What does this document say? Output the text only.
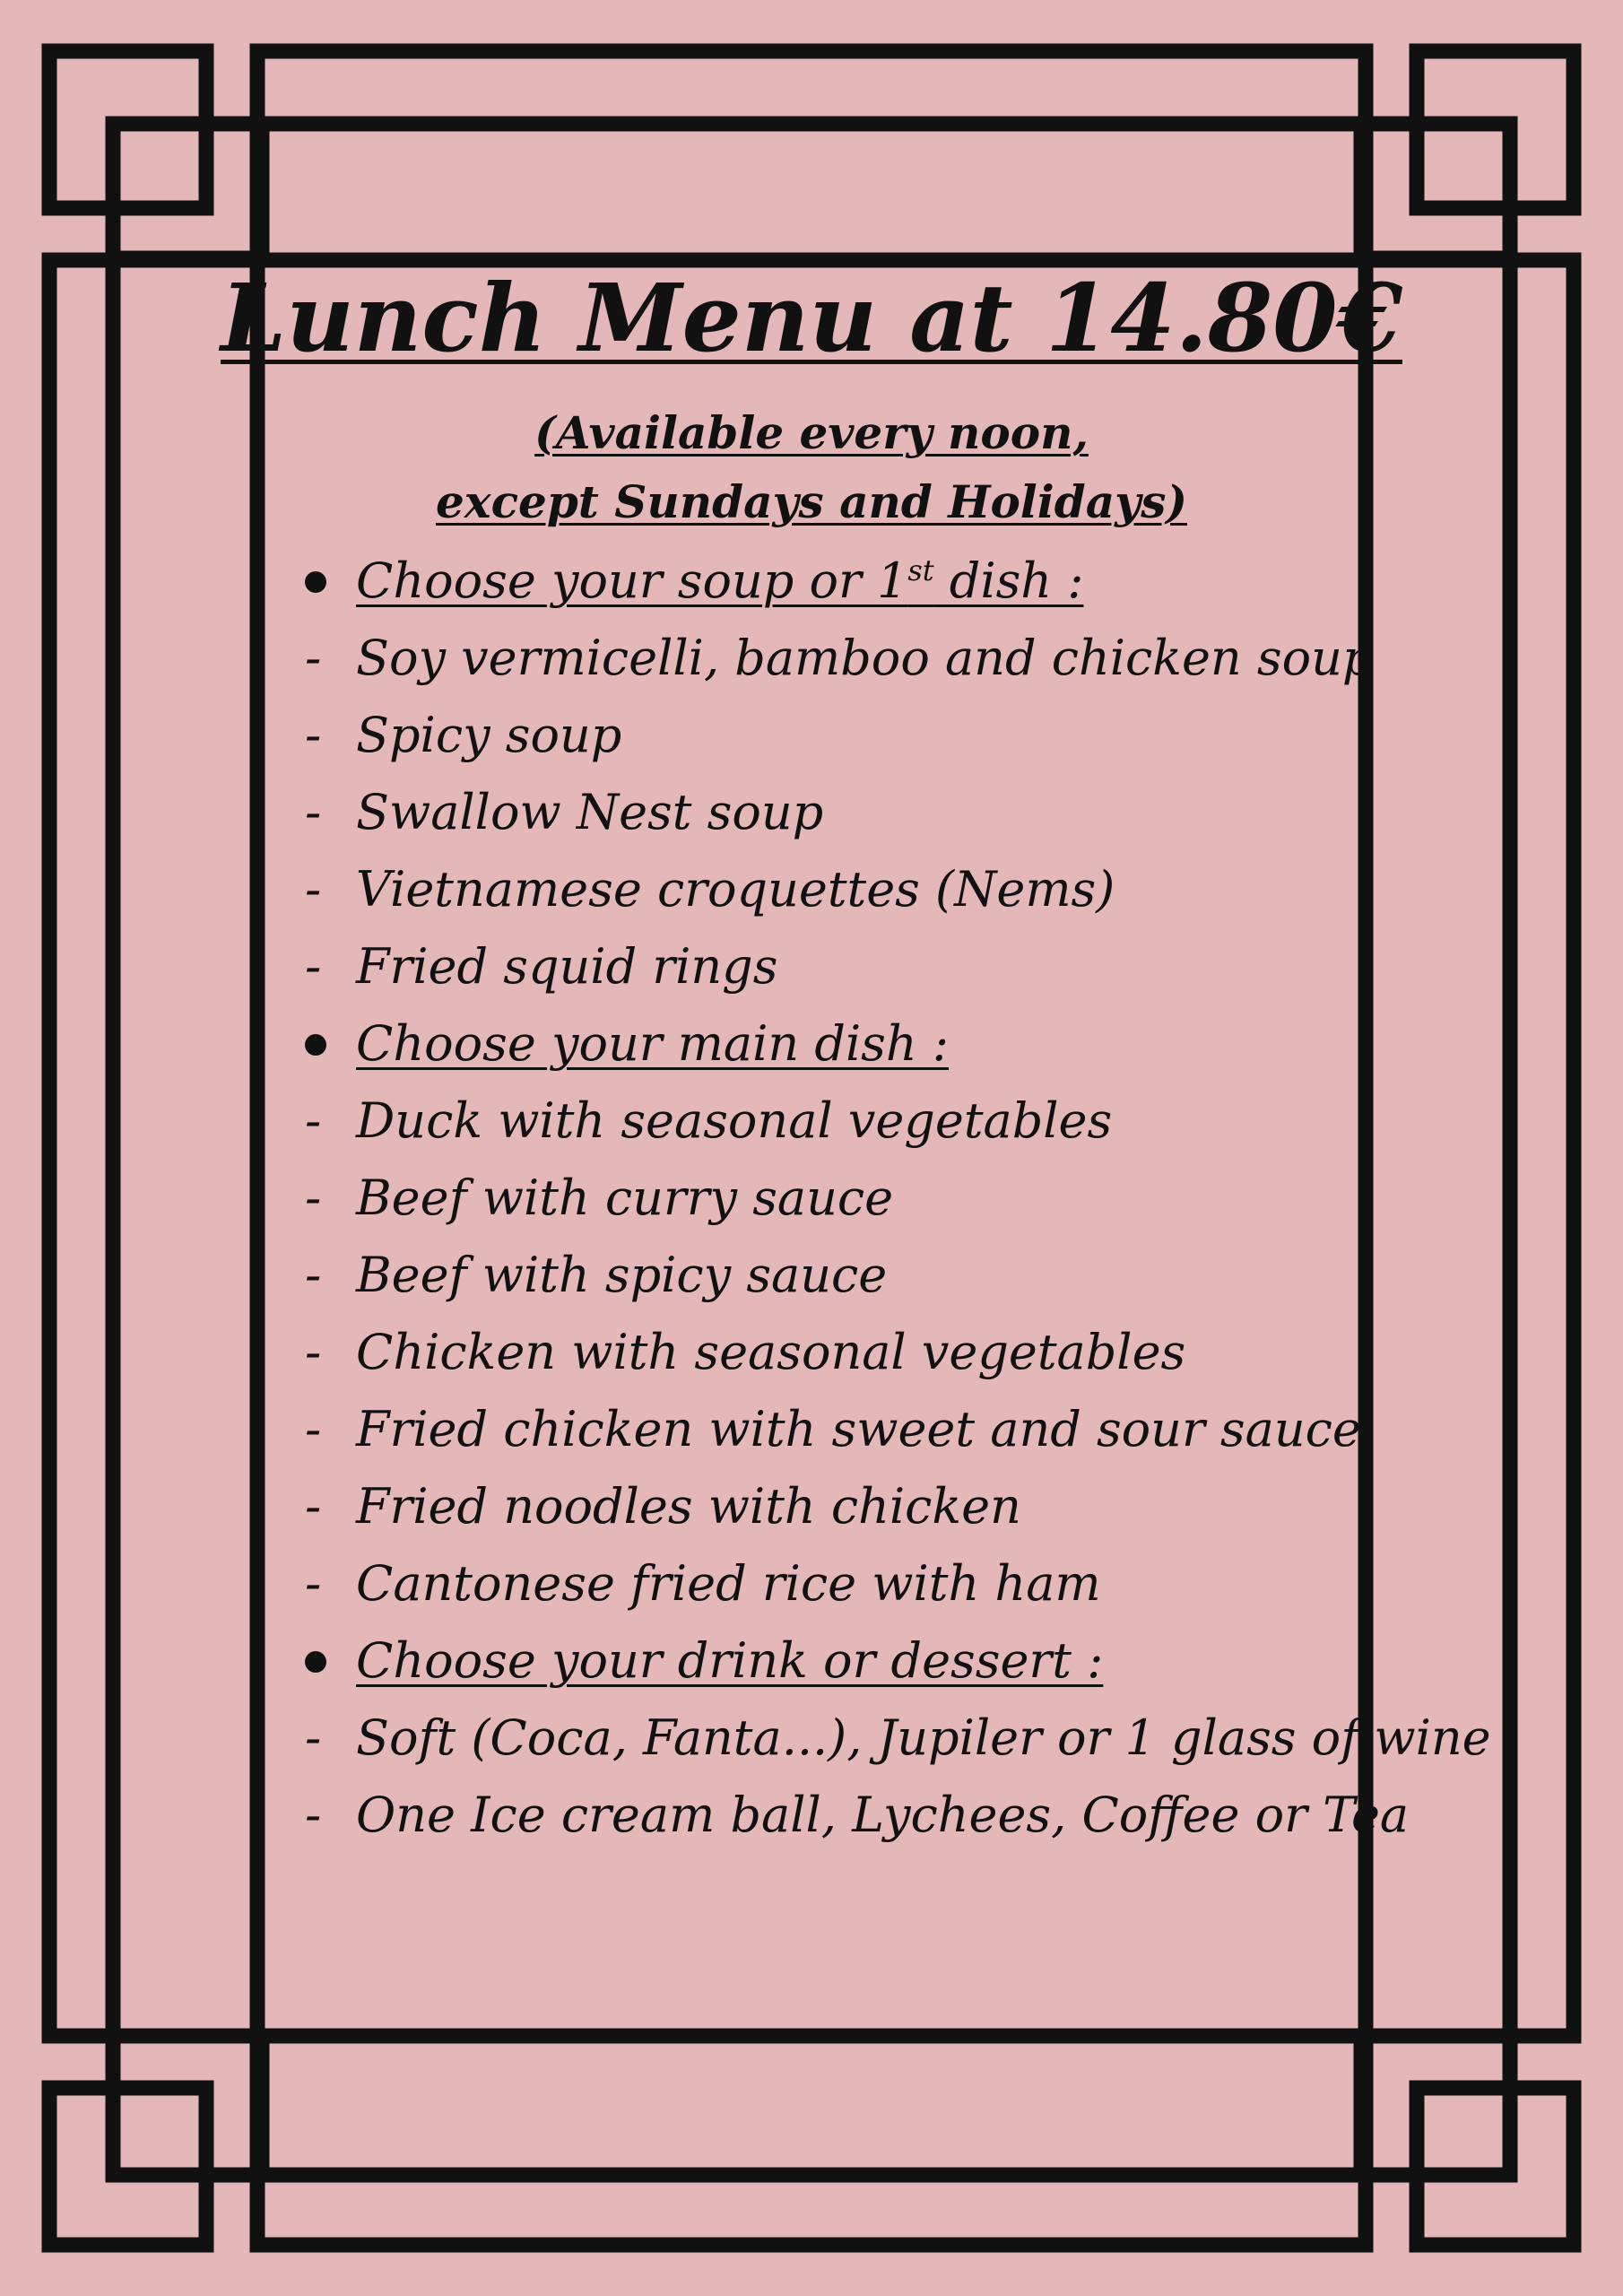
Lunch Menu at 14.80€

(Available every noon,

except Sundays and Holidays)

Choose your soup or 1st dish :
- Soy vermicelli, bamboo and chicken soup
- Spicy soup
- Swallow Nest soup
- Vietnamese croquettes (Nems)
- Fried squid rings
Choose your main dish :
- Duck with seasonal vegetables
- Beef with curry sauce
- Beef with spicy sauce
- Chicken with seasonal vegetables
- Fried chicken with sweet and sour sauce
- Fried noodles with chicken
- Cantonese fried rice with ham
Choose your drink or dessert :
- Soft (Coca, Fanta...), Jupiler or 1 glass of wine
- One Ice cream ball, Lychees, Coffee or Tea
